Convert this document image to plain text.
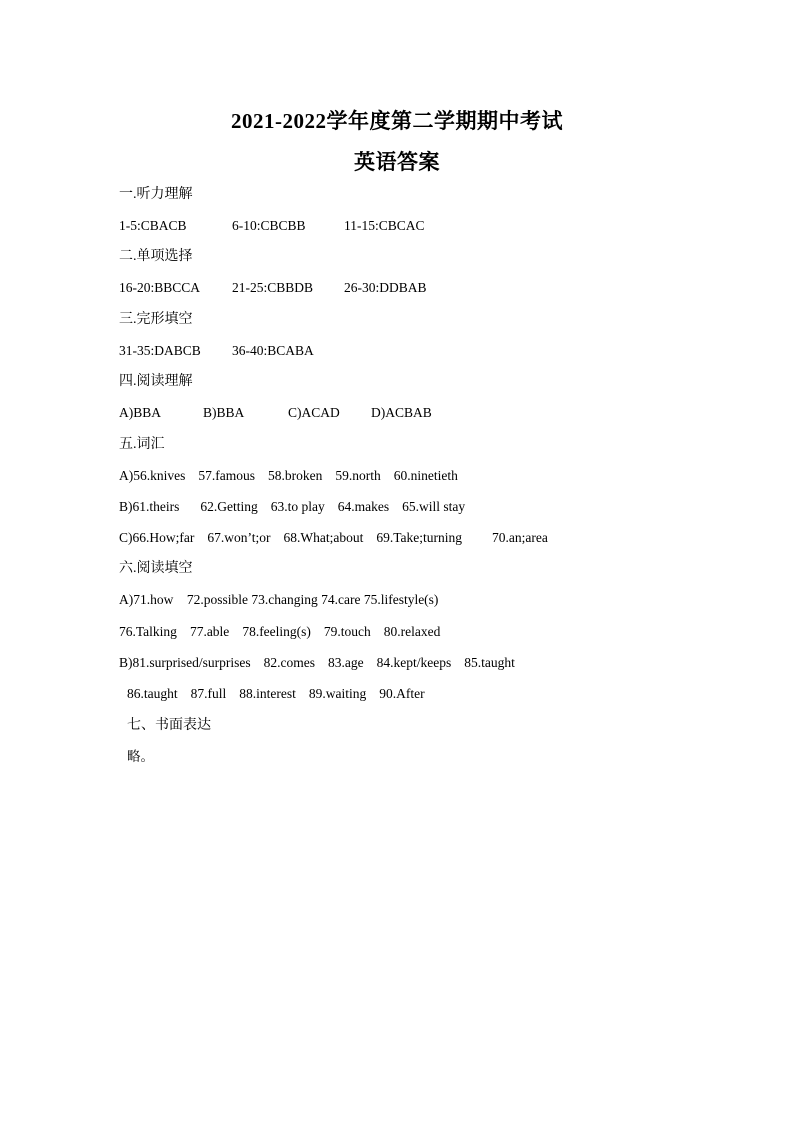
2021-2022学年度第二学期期中考试
英语答案
一.听力理解
1-5:CBACB	6-10:CBCBB	11-15:CBCAC
二.单项选择
16-20:BBCCA 21-25:CBBDB 26-30:DDBAB
三.完形填空
31-35:DABCB 36-40:BCABA
四.阅读理解
A)BBA	B)BBA	C)ACAD D)ACBAB
五.词汇
A)56.knives 57.famous 58.broken 59.north 60.ninetieth
B)61.theirs 62.Getting 63.to play 64.makes 65.will stay
C)66.How;far 67.won’t;or 68.What;about 69.Take;turning 70.an;area
六.阅读填空
A)71.how    72.possible 73.changing 74.care 75.lifestyle(s)
76.Talking 77.able 78.feeling(s) 79.touch 80.relaxed
B)81.surprised/surprises 82.comes 83.age 84.kept/keeps 85.taught
86.taught 87.full 88.interest 89.waiting 90.After
七、书面表达
略。
